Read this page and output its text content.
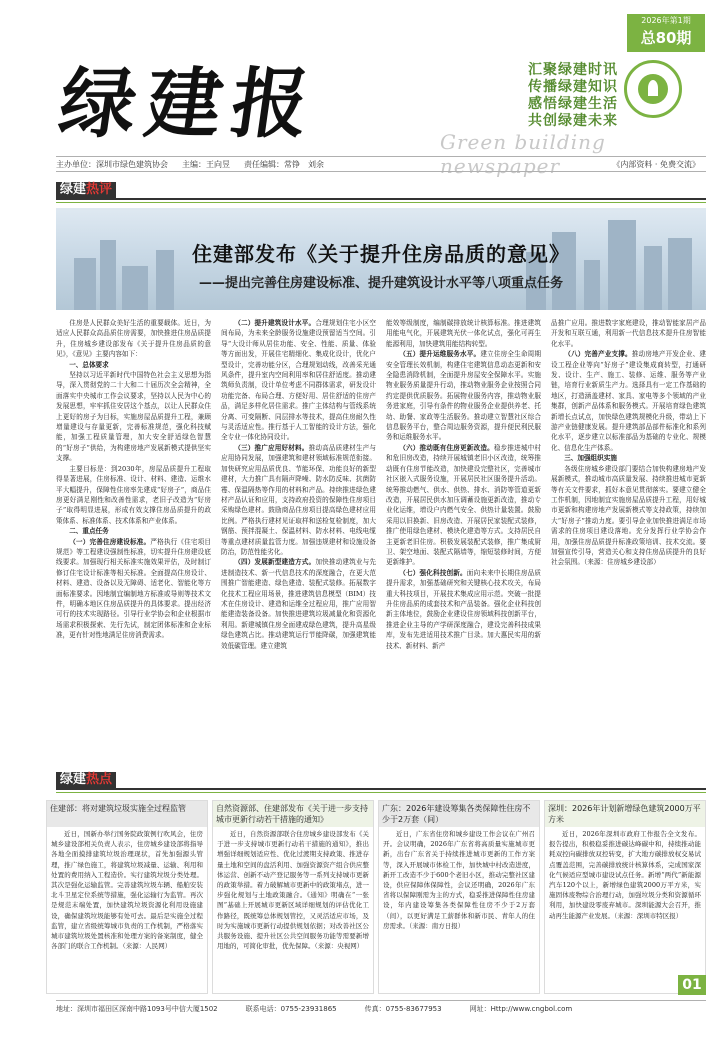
2026年第1期
总80期
绿
建
报	Green building newspaper
汇聚绿建时讯
传播绿建知识
感悟绿建生活
共创绿建未来
主办单位：深圳市绿色建筑协会 主编：王向昱 责任编辑：常铮　刘余	《内部资料 · 免费交流》
绿建热评
住建部发布《关于提升住房品质的意见》
——提出完善住房建设标准、提升建筑设计水平等八项重点任务

住房是人民群众美好生活的重要载体。近日，为适应人民群众高品质住房需要，加快推进住房品质提升，住房城乡建设部发布《关于提升住房品质的意见》，《意见》主要内容如下：

一、总体要求

坚持以习近平新时代中国特色社会主义思想为指导，深入贯彻党的二十大和二十届历次全会精神，全面落实中央城市工作会议要求，坚持以人民为中心的发展思想，牢牢抓住安居这个基点，以让人民群众住上更好的房子为目标，实施房屋品质提升工程，兼顾增量建设与存量更新，完善标准规范，强化科技赋能，加强工程质量管理，加大安全舒适绿色智慧的“好房子”供给，为构建房地产发展新模式提供坚实支撑。

主要目标是：到2030年，房屋品质提升工程取得显著进展，住房标准、设计、材料、建造、运维水平大幅提升，保障性住房率先建成“好房子”，商品住房更好满足刚性和改善性需求，老旧子改造为“好房子”取得明显进展，形成有效支撑住房品质提升的政策体系、标准体系、技术体系和产业体系。

二、重点任务

（一）完善住房建设标准。严格执行《住宅项目规范》等工程建设强制性标准，切实提升住房建设底线要求。加强现行相关标准实施效果评估，及时制订修订住宅设计标准等相关标准。全面提高住房设计、材料、建造、设备以及无障碍、适老化、智能化等方面标准要求。因地制宜编制地方标准或导则等技术文件，明确本地区住房品质提升的具体要求。提出经济可行的技术实现路径。引导行业学协会和企业根据市场需求积极探索、先行先试，制定团体标准和企业标准，更有针对性地满足住房消费需求。

（二）提升建筑设计水平。合理规划住宅小区空间布局，为未来全龄服务设施建设预留适当空间。引导“大设计师从居住功能、安全、性能、质量、体验等方面出发，开展住宅精细化、集成化设计，优化户型设计，完善功能分区，合理规划动线，改善采光通风条件，提升室内空间利用率和居住舒适度。推动建筑师负责制，设计单位考虑不同群体需求，研发设计功能完备、布局合理、方便好用、居住舒适的住房产品，满足多样化居住需求。推广主体结构与管线系统分离、可变隔断、同层排水等技术，提高住房耐久性与灵活适应性。推行基于人工智能的设计方法，强化全专业一体化协同设计。

（三）推广应用好材料。推动高品质建材生产与应用协同发展，加强建筑和建材领域标准规范衔接。加快研究应用品质优良、节能环保、功能良好的新型建材，大力推广具有隔声降噪、防水防反味、抗菌防霉、保温隔热等作用的材料和产品。持续推进绿色建材产品认证和应用，支持政府投资的保障性住房项目采购绿色建材。鼓励商品住房项目提高绿色建材应用比例。严格执行建材见证取样和送检复检制度，加大钢筋、预拌混凝土、保温材料、防水材料、电线电缆等重点建材质量监管力度。加强违规建材和设施设备防治，防范性能劣化。

（四）发展新型建造方式。加快推动建筑业与先进制造技术、新一代信息技术的深度融合，在更大范围推广智能建造、绿色建造、装配式装修。拓展数字化技术工程应用场景，推进建筑信息模型（BIM）技术在住房设计、建造和运维全过程应用，推广应用智能建造装备设备。加快推进建筑垃圾减量化和资源化利用。新建城镇住房全面建成绿色建筑，提升高星级绿色建筑占比。推动建筑运行节能降碳，加强建筑能效低碳管理。建立建筑

能效等级制度，编制碳排放统计核算标准。推进建筑用能电气化，开展建筑光伏一体化试点，强化可再生能源利用，加快建筑用能结构转型。

（五）提升运维服务水平。建立住房全生命周期安全管理长效机制，构建住宅建筑信息动态更新和安全隐患消除机制，全面提升房屋安全保障水平。实施物业服务质量提升行动，推动物业服务企业按照合同约定提供优质服务。拓展物业服务内容，推动物业服务进家庭，引导有条件的物业服务企业提供养老、托幼、助餐、家政等生活服务。推动建立智慧社区综合信息服务平台，整合周边服务资源，提升便民利民服务和运维服务水平。

（六）推动既有住房更新改造。稳步推进城中村和危旧房改造，持续开展城镇老旧小区改造，统筹推动既有住房节能改造，加快建设完整社区，完善城市社区嵌入式服务设施，开展居民社区服务提升活动。统筹推动燃气、供水、供热、排水、消防等管道更新改造，开展居民供水加压调蓄设施更新改造，推动专业化运维，增设户内燃气安全、供热计量装置。鼓励采用以旧换新、旧房改造、开展居民家装配式装修，推广使用绿色建材、模块化建造等方式。支持居民自主更新老旧住房。积极发展装配式装修，推广集成厨卫、架空地面、装配式隔墙等，缩短装修时间，方便更新维护。

（七）强化科技创新。面向未来中长期住房品质提升需求，加强基础研究和关键核心技术攻关，布局重大科技项目，开展技术集成应用示范。突破一批提升住房品质的成套技术和产品装备。强化企业科技创新主体地位，鼓励企业建设住房领域科技创新平台，推进企业主导的产学研深度融合，建设完善科技成果库，发布先进适用技术推广目录。加大惠民实用的新技术、新材料、新产

品推广应用。推进数字家庭建设，推动智能家居产品开发和互联互通，利用新一代信息技术提升住房智能化水平。

（八）完善产业支撑。推动房地产开发企业、建设工程企业等向“好房子”建设集成商转型，打通研发、设计、生产、施工、装修、运维、服务等产业链，培育行业新质生产力。选择具有一定工作基础的地区，打造涵盖建材、家具、家电等多个领域的产业集群，创新产品体系和服务模式。开展培育绿色建筑新增长点试点，加快绿色建筑规模化升级，带动上下游产业链健康发展。提升建筑部品部件标准化和系列化水平，逐步建立以标准部品为基础的专业化、规模化、信息化生产体系。

三、加强组织实施

各级住房城乡建设部门要结合加快构建房地产发展新模式，推动城市高质量发展、持续推进城市更新等有关文件要求，抓好本意见贯彻落实。要建立健全工作机制，因地制宜实施房屋品质提升工程，用好城市更新和构建房地产发展新模式等支持政策，持续加大“好房子”推动力度。要引导企业加快推进满足市场需求的住房项目建设落地。充分发挥行业学协会作用，加强住房品质提升标准政策培训、技术交流。要加强宣传引导，营造关心和支持住房品质提升的良好社会氛围。（来源：住房城乡建设部）

绿建热点
住建部：将对建筑垃圾实施全过程监管
近日，国新办举行国务院政策例行吹风会，住房城乡建设部相关负责人表示，住房城乡建设部将指导各地全面摸排建筑垃圾治理现状，首先加强源头管理，推广绿色施工，将建筑垃圾减量、运输、利用和处置的费用纳入工程造价。实行建筑垃圾分类处理。其次是强化运输监管。完善建筑垃圾车辆、船舶安装北斗卫星定位系统等措施，强化运输行为监管。再次是规范末端处置，加快建筑垃圾资源化利用设施建设，确保建筑垃圾能够有处可去。最后是实施全过程监管，建立省级统筹城市负责的工作机制，严格落实城市建筑垃圾处置核准和处理方案的备案制度，健全各部门的联合工作机制。（来源：人民网）
自然资源部、住建部发布《关于进一步支持城市更新行动若干措施的通知》
近日，自然资源部联合住房城乡建设部发布《关于进一步支持城市更新行动若干措施的通知》，推出增强详细规划适应性、优化过渡期支持政策、推进存量土地和空间的盘活利用、加强资源资产组合供应整体运营、创新不动产登记服务等一系列支持城市更新的政策举措。着力破解城市更新中的政策堵点，进一步强化规划与土地政策融合。《通知》明确在“一张图”基础上开展城市更新区域详细规划的评估优化工作路径，既统筹总体规划管控，又灵活适应市场，及时为实施城市更新行动提供规划依据；对改善社区公共服务设施、提升社区公共空间服务功能等需要新增用地的，可简化审批，优先保障。（来源：央视网）
广东：2026年建设筹集各类保障性住房不少于2万套（间）
近日，广东省住房和城乡建设工作会议在广州召开。会议明确，2026年广东省将高质量实施城市更新，出台广东省关于持续推进城市更新的工作方案等，深入开展城市体检工作，加快城中村改造进度，新开工改造不少于600个老旧小区，推动完整社区建设，供应保障体保障性，会议还明确，2026年广东省将以保障刚需为主的方式，稳妥推进保障性住房建设，年内建设筹集各类保障性住房不少于2万套（间），以更好满足工薪群体和新市民、青年人的住房需求。（来源：南方日报）
深圳：2026年计划新增绿色建筑2000万平方米
近日，2026年深圳市政府工作报告全文发布。报告提出，积极稳妥推进碳达峰碳中和，持续推动能耗双控向碳排放双控转变，扩大地方碳排放权交易试点覆盖范围，完善碳排放统计核算体系，完成国家深化气候适应型城市建设试点任务。新增“两代”新能源汽车120个以上，新增绿色建筑2000万平方米，实施固体废物综合治理行动，加强垃圾分类和资源循环利用，加快建设零废弃城市。深圳能源大会召开，推动再生能源产业发展。（来源：深圳市特区报）
01
地址：深圳市福田区深南中路1093号中信大厦1502	联系电话：0755-23931865	传真：0755-83677953	网址：Http://www.cngbol.com
